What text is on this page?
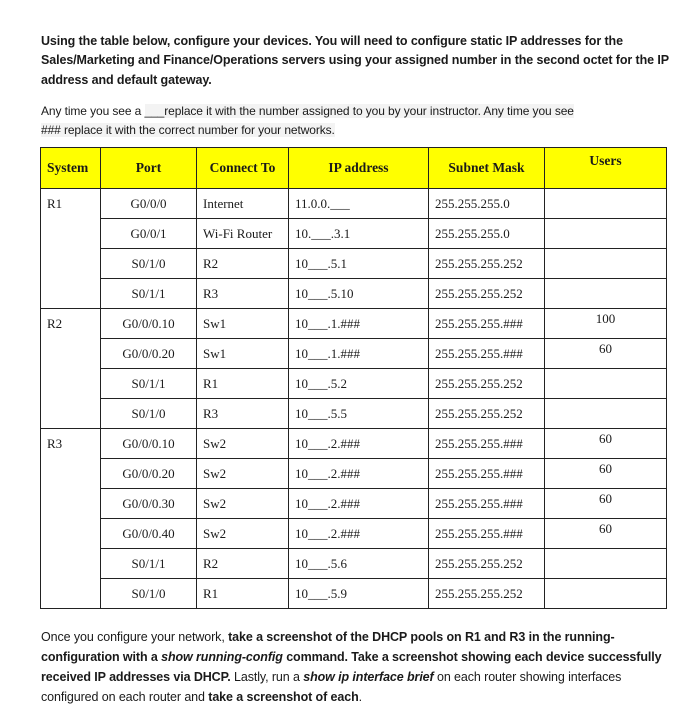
Using the table below, configure your devices. You will need to configure static IP addresses for the Sales/Marketing and Finance/Operations servers using your assigned number in the second octet for the IP address and default gateway.

Any time you see a ___replace it with the number assigned to you by your instructor. Any time you see
### replace it with the correct number for your networks.

System	Port	Connect To	IP address	Subnet Mask	Users
R1	G0/0/0	Internet	11.0.0.___	255.255.255.0	
	G0/0/1	Wi-Fi Router	10.___.3.1	255.255.255.0	
	S0/1/0	R2	10___.5.1	255.255.255.252	
	S0/1/1	R3	10___.5.10	255.255.255.252	
R2	G0/0/0.10	Sw1	10___.1.###	255.255.255.###	100
	G0/0/0.20	Sw1	10___.1.###	255.255.255.###	60
	S0/1/1	R1	10___.5.2	255.255.255.252	
	S0/1/0	R3	10___.5.5	255.255.255.252	
R3	G0/0/0.10	Sw2	10___.2.###	255.255.255.###	60
	G0/0/0.20	Sw2	10___.2.###	255.255.255.###	60
	G0/0/0.30	Sw2	10___.2.###	255.255.255.###	60
	G0/0/0.40	Sw2	10___.2.###	255.255.255.###	60
	S0/1/1	R2	10___.5.6	255.255.255.252	
	S0/1/0	R1	10___.5.9	255.255.255.252	

Once you configure your network, take a screenshot of the DHCP pools on R1 and R3 in the running-configuration with a show running-config command. Take a screenshot showing each device successfully received IP addresses via DHCP. Lastly, run a show ip interface brief on each router showing interfaces configured on each router and take a screenshot of each.
